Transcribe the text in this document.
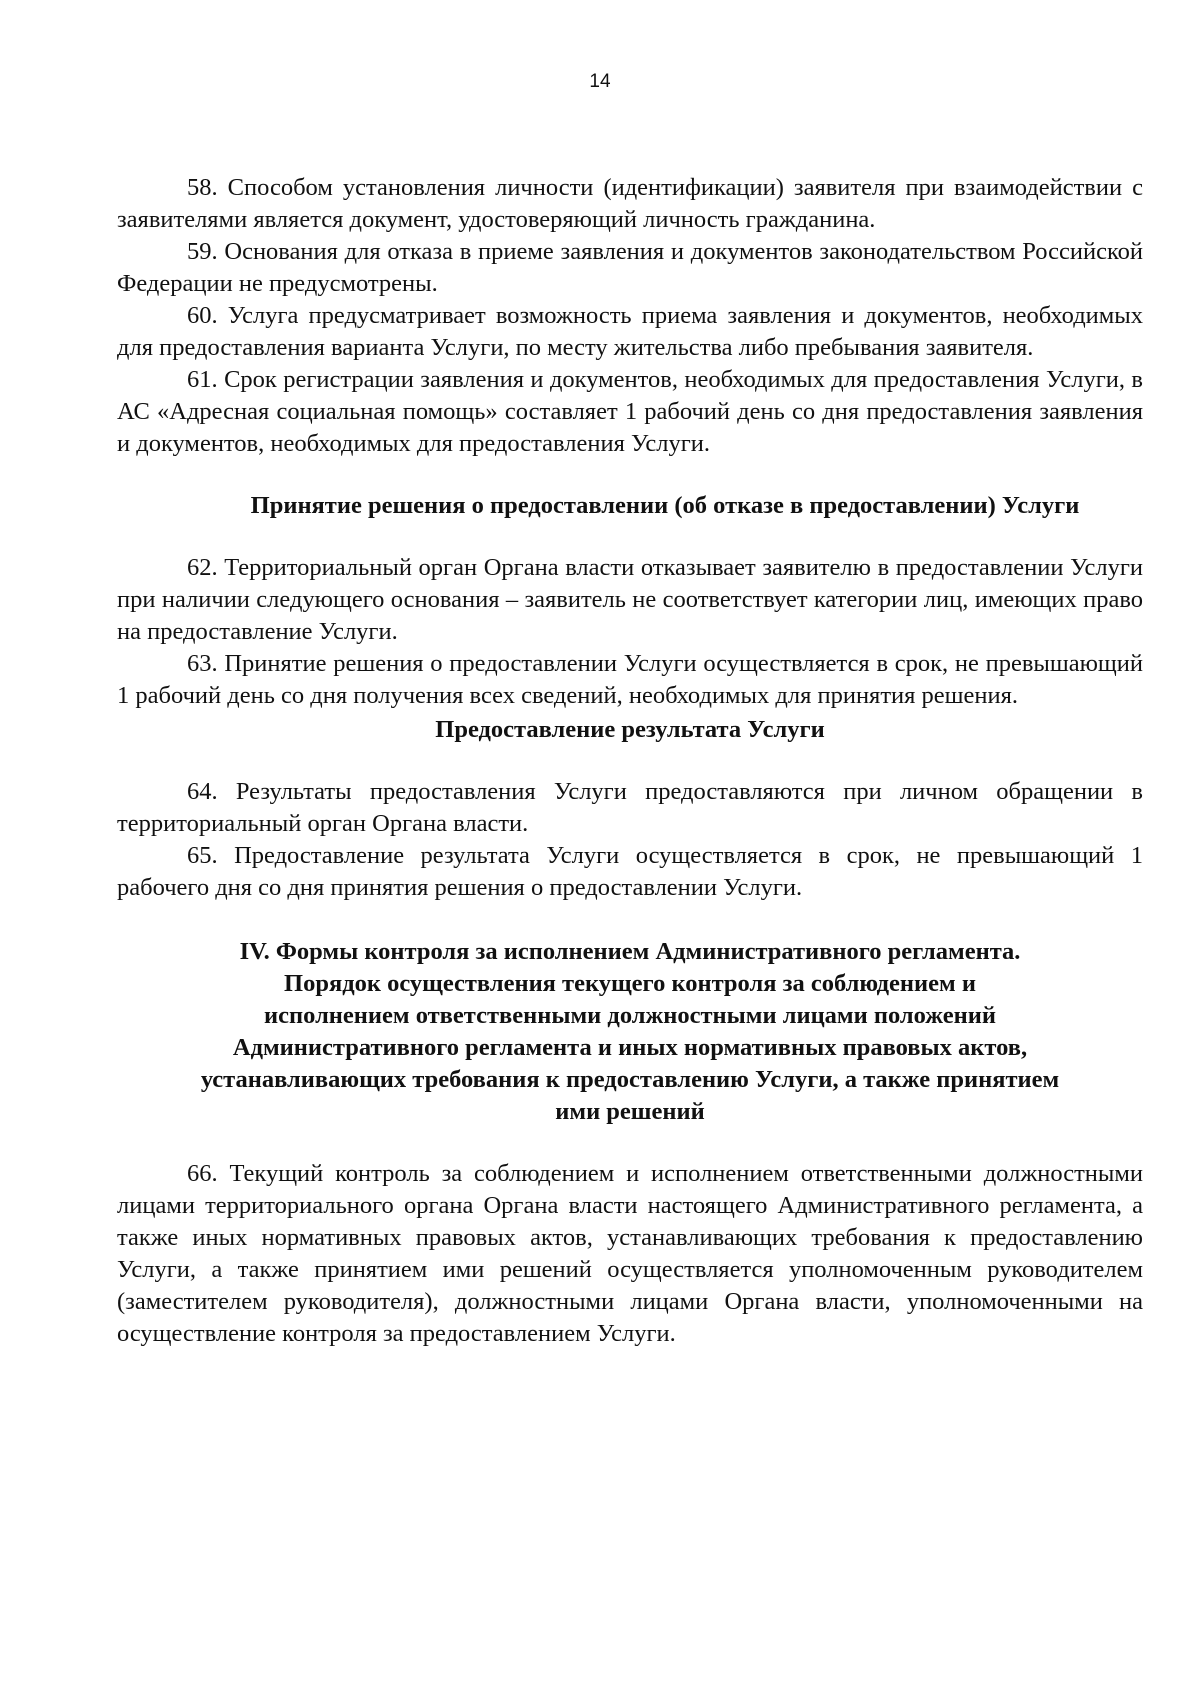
14

58. Способом установления личности (идентификации) заявителя при взаимодействии с заявителями является документ, удостоверяющий личность гражданина.

59. Основания для отказа в приеме заявления и документов законодательством Российской Федерации не предусмотрены.

60. Услуга предусматривает возможность приема заявления и документов, необходимых для предоставления варианта Услуги, по месту жительства либо пребывания заявителя.

61. Срок регистрации заявления и документов, необходимых для предоставления Услуги, в АС «Адресная социальная помощь» составляет 1 рабочий день со дня предоставления заявления и документов, необходимых для предоставления Услуги.

Принятие решения о предоставлении (об отказе в предоставлении) Услуги

62. Территориальный орган Органа власти отказывает заявителю в предоставлении Услуги при наличии следующего основания – заявитель не соответствует категории лиц, имеющих право на предоставление Услуги.

63. Принятие решения о предоставлении Услуги осуществляется в срок, не превышающий 1 рабочий день со дня получения всех сведений, необходимых для принятия решения.

Предоставление результата Услуги

64. Результаты предоставления Услуги предоставляются при личном обращении в территориальный орган Органа власти.

65. Предоставление результата Услуги осуществляется в срок, не превышающий 1 рабочего дня со дня принятия решения о предоставлении Услуги.

IV. Формы контроля за исполнением Административного регламента.
Порядок осуществления текущего контроля за соблюдением и
исполнением ответственными должностными лицами положений
Административного регламента и иных нормативных правовых актов,
устанавливающих требования к предоставлению Услуги, а также принятием
ими решений

66. Текущий контроль за соблюдением и исполнением ответственными должностными лицами территориального органа Органа власти настоящего Административного регламента, а также иных нормативных правовых актов, устанавливающих требования к предоставлению Услуги, а также принятием ими решений осуществляется уполномоченным руководителем (заместителем руководителя), должностными лицами Органа власти, уполномоченными на осуществление контроля за предоставлением Услуги.
